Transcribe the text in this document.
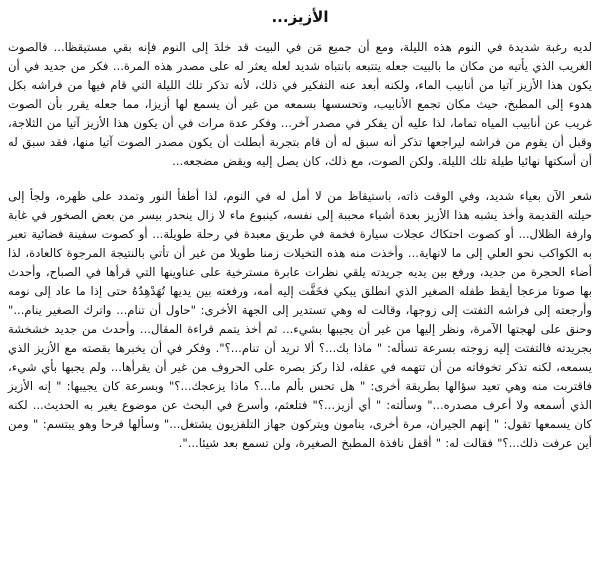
الأزيز...

لديه رغبة شديدة في النوم هذه الليلة، ومع أن جميع مَن في البيت قد خلدَ إلى النوم فإنه بقي مستيقظا... فالصوت الغريب الذي يأتيه من مكان ما بالبيت جعله يتتبعه بانتباه شديد لعله يعثر له على مصدر هذه المرة... فكر من جديد في أن يكون هذا الأزيز آتيا من أنابيب الماء، ولكنه أبعد عنه التفكير في ذلك، لأنه تذكر تلك الليلة التي قام فيها من فراشه بكل هدوء إلى المطبخ، حيث مكان تجمع الأنابيب، وتحسسها بسمعه من غير أن يسمع لها أزيزا، مما جعله يقرر بأن الصوت غريب عن أنابيب المياه تماما، لذا عليه أن يفكر في مصدر آخر... وفكر عدة مرات في أن يكون هذا الأزيز آتيا من الثلاجة، وقبل أن يقوم من فراشه ليراجعها تذكر أنه سبق له أن قام بتجربة أبطلت أن يكون مصدر الصوت آتيا منها، فقد سبق له أن أسكتها نهائيا طيلة تلك الليلة. ولكن الصوت، مع ذلك، كان يصل إليه ويقض مضجعه...

شعر الآن بعياء شديد، وفي الوقت ذاته، باستيقاظ من لا أمل له في النوم، لذا أطفأ النور وتمدد على ظهره، ولجأ إلى حيلته القديمة وأخذ يشبه هذا الأزيز بعدة أشياء محببة إلى نفسه، كينبوع ماء لا زال ينحدر بيسر من بعض الصخور في غابة وارفة الظلال... أو كصوت احتكاك عجلات سيارة فخمة في طريق معبدة في رحلة طويلة... أو كصوت سفينة فضائية تعبر به الكواكب نحو العلي إلى ما لانهاية... وأخذت منه هذه التخيلات زمنا طويلا من غير أن تأتي بالنتيجة المرجوة كالعادة، لذا أضاء الحجرة من جديد، ورفع بين يديه جريدته يلقي نظرات عابرة مسترخية على عناوينها التي قرأها في الصباح، وأحدث بها صوتا مزعجا أيقظ طفله الصغير الذي انطلق يبكي فخَفَّت إليه أمه، ورفعته بين يديها تُهَدْهِدُهُ حتى إذا ما عاد إلى نومه وأرجعته إلى فراشه التفتت إلى زوجها، وقالت له وهي تستدير إلى الجهة الأخرى: "حاول أن تنام... واترك الصغير ينام..." وحنق على لهجتها الآمرة، ونظر إليها من غير أن يجيبها بشيء... ثم أخذ يتمم قراءة المقال... وأحدث من جديد خشخشة بجريدته فالتفتت إليه زوجته بسرعة تسأله: " ماذا بك...؟ ألا تريد أن تنام...؟". وفكر في أن يخبرها بقصته مع الأزيز الذي يسمعه، لكنه تذكر تخوفاته من أن تتهمه في عقله، لذا ركز بصره على الحروف من غير أن يقرأها... ولم يجبها بأي شيء، فاقتربت منه وهي تعيد سؤالها بطريقة أخرى: " هل تحس بألم ما...؟ ماذا يزعجك...؟" وبسرعة كان يجيبها: " إنه الأزيز الذي أسمعه ولا أعرف مصدره..." وسألته: " أي أزيز...؟" فتلعثم، وأسرع في البحث عن موضوع يغير به الحديث... لكنه كان يسمعها تقول: " إنهم الجيران، مرة أخرى، ينامون ويتركون جهاز التلفزيون يشتغل..." وسألها فرحا وهو يبتسم: " ومن أين عرفت ذلك...؟" فقالت له: " أقفل نافذة المطبخ الصغيرة، ولن تسمع بعد شيئا...".
